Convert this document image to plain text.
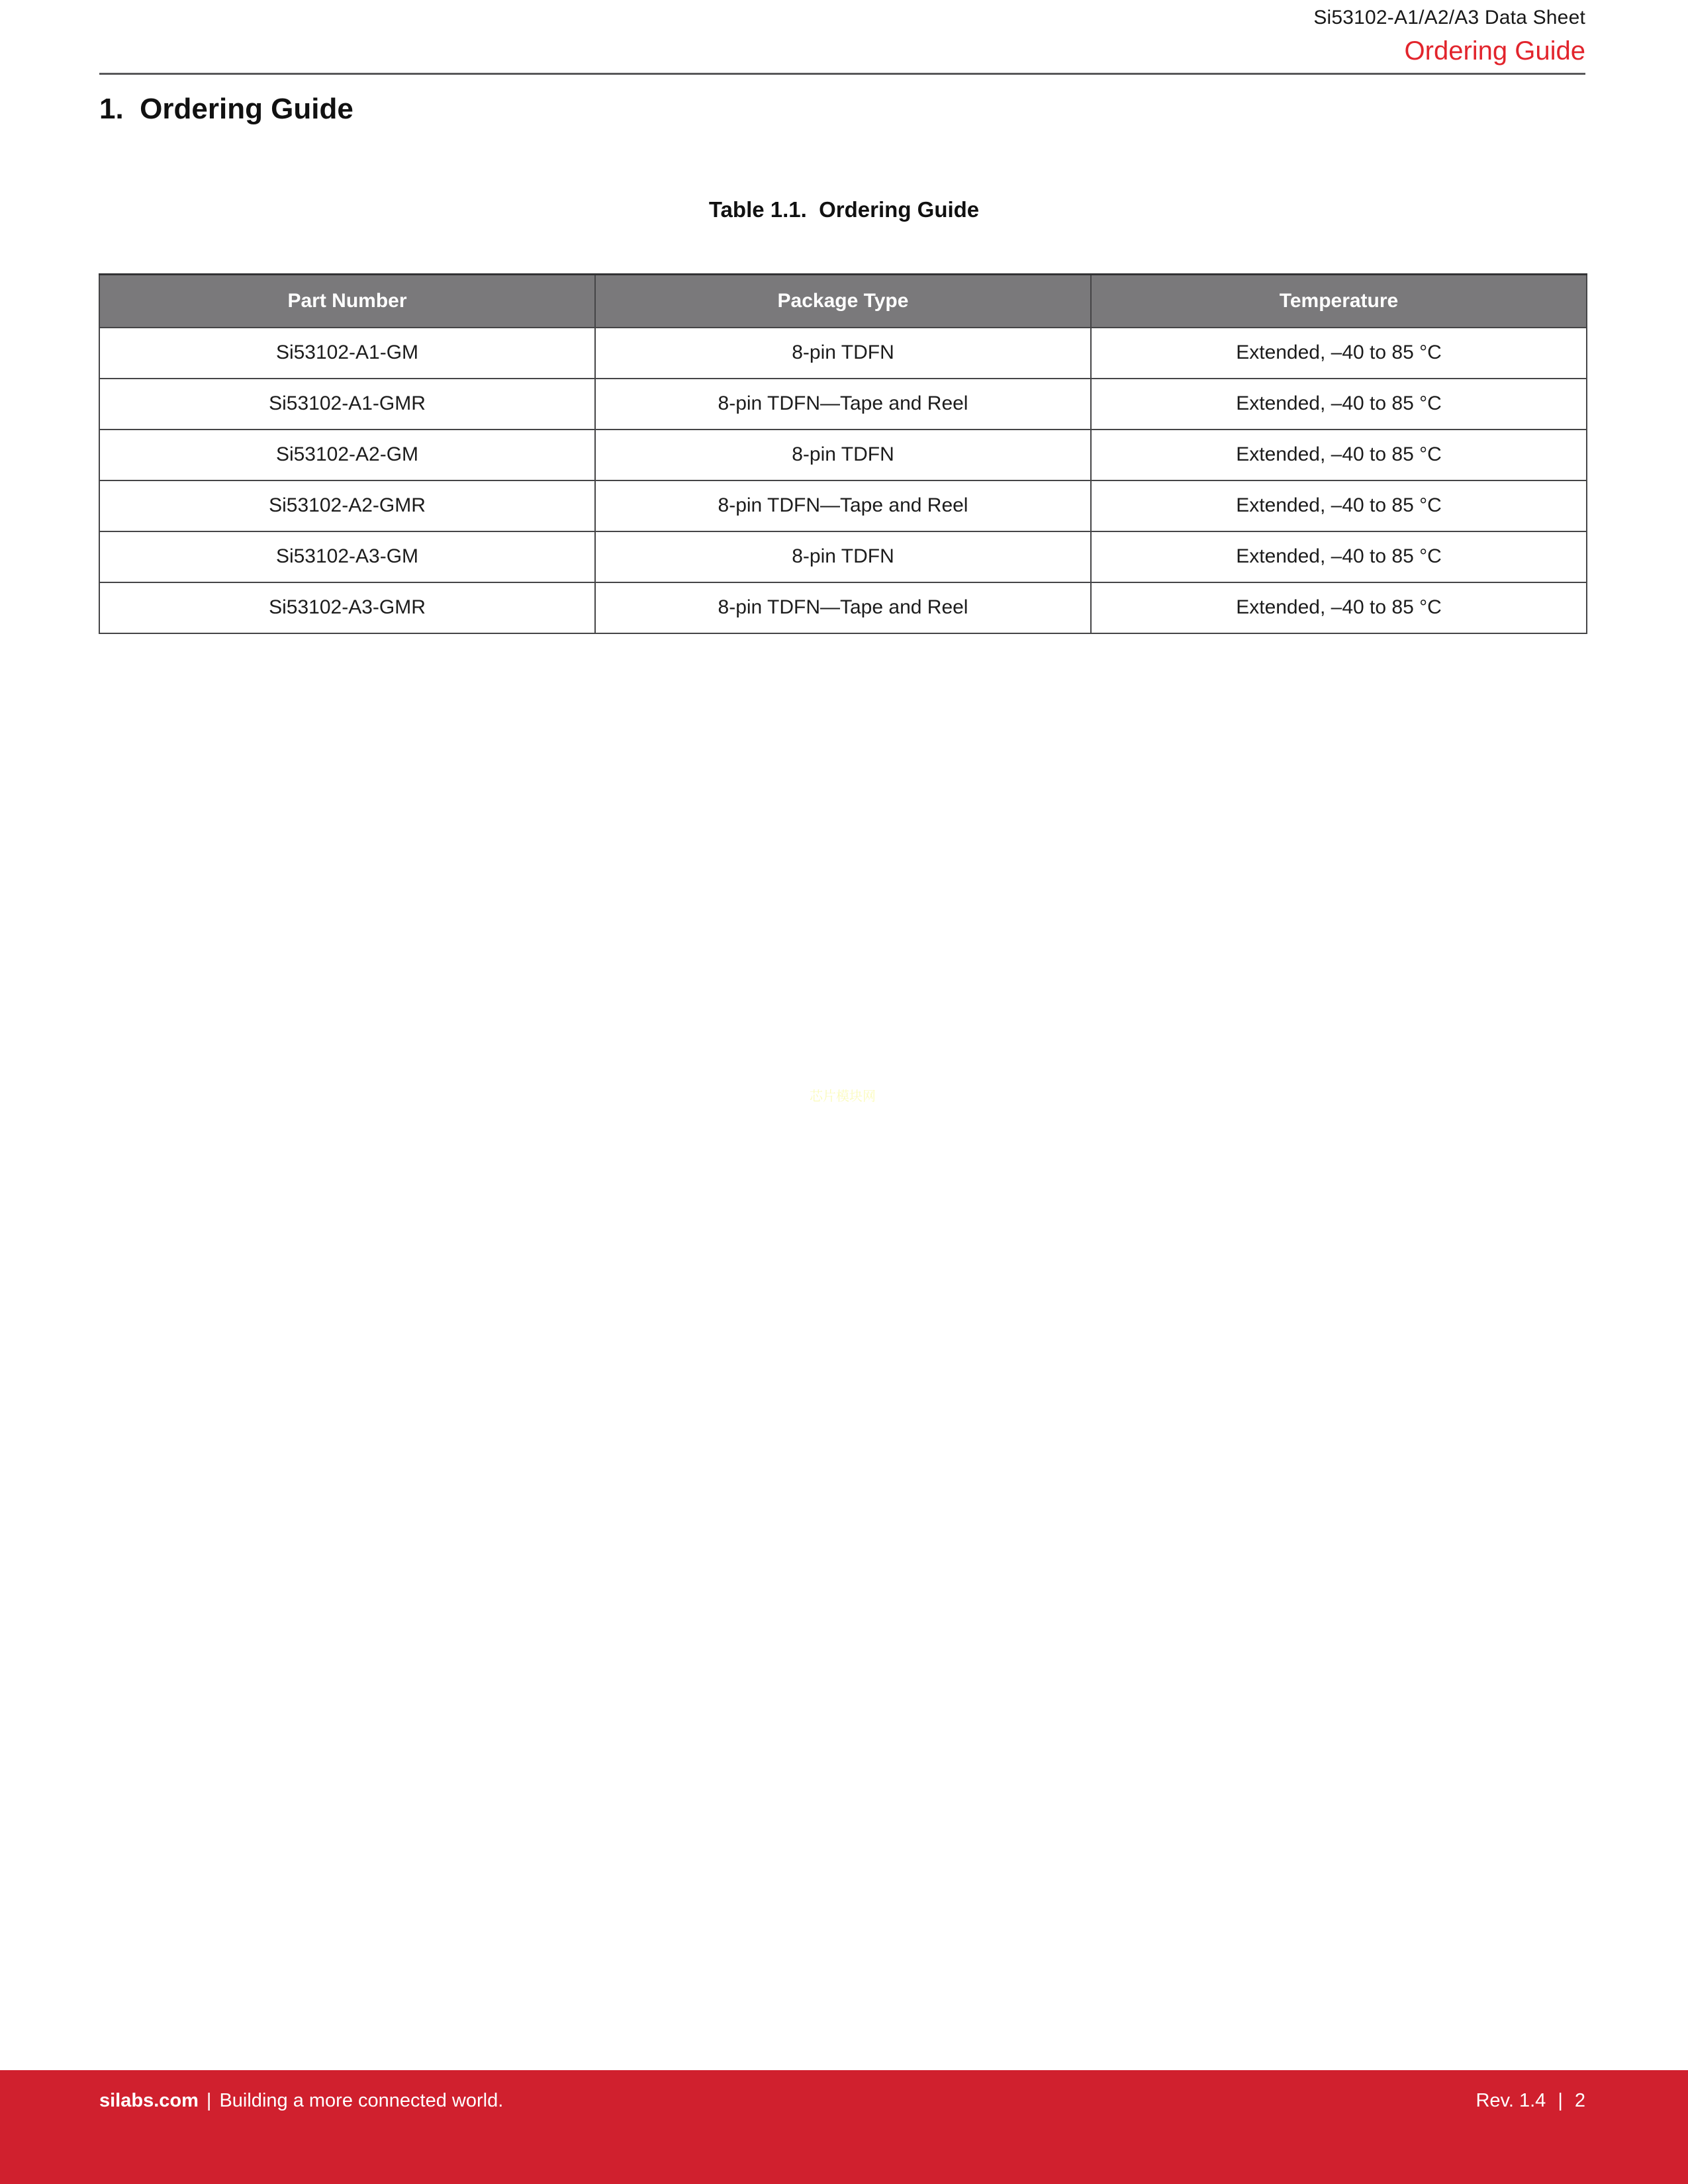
Si53102-A1/A2/A3 Data Sheet
Ordering Guide
1.  Ordering Guide
Table 1.1.  Ordering Guide
Part Number	Package Type	Temperature
Si53102-A1-GM	8-pin TDFN	Extended, –40 to 85 °C
Si53102-A1-GMR	8-pin TDFN—Tape and Reel	Extended, –40 to 85 °C
Si53102-A2-GM	8-pin TDFN	Extended, –40 to 85 °C
Si53102-A2-GMR	8-pin TDFN—Tape and Reel	Extended, –40 to 85 °C
Si53102-A3-GM	8-pin TDFN	Extended, –40 to 85 °C
Si53102-A3-GMR	8-pin TDFN—Tape and Reel	Extended, –40 to 85 °C
芯片模块网
silabs.com | Building a more connected world.	Rev. 1.4 | 2
